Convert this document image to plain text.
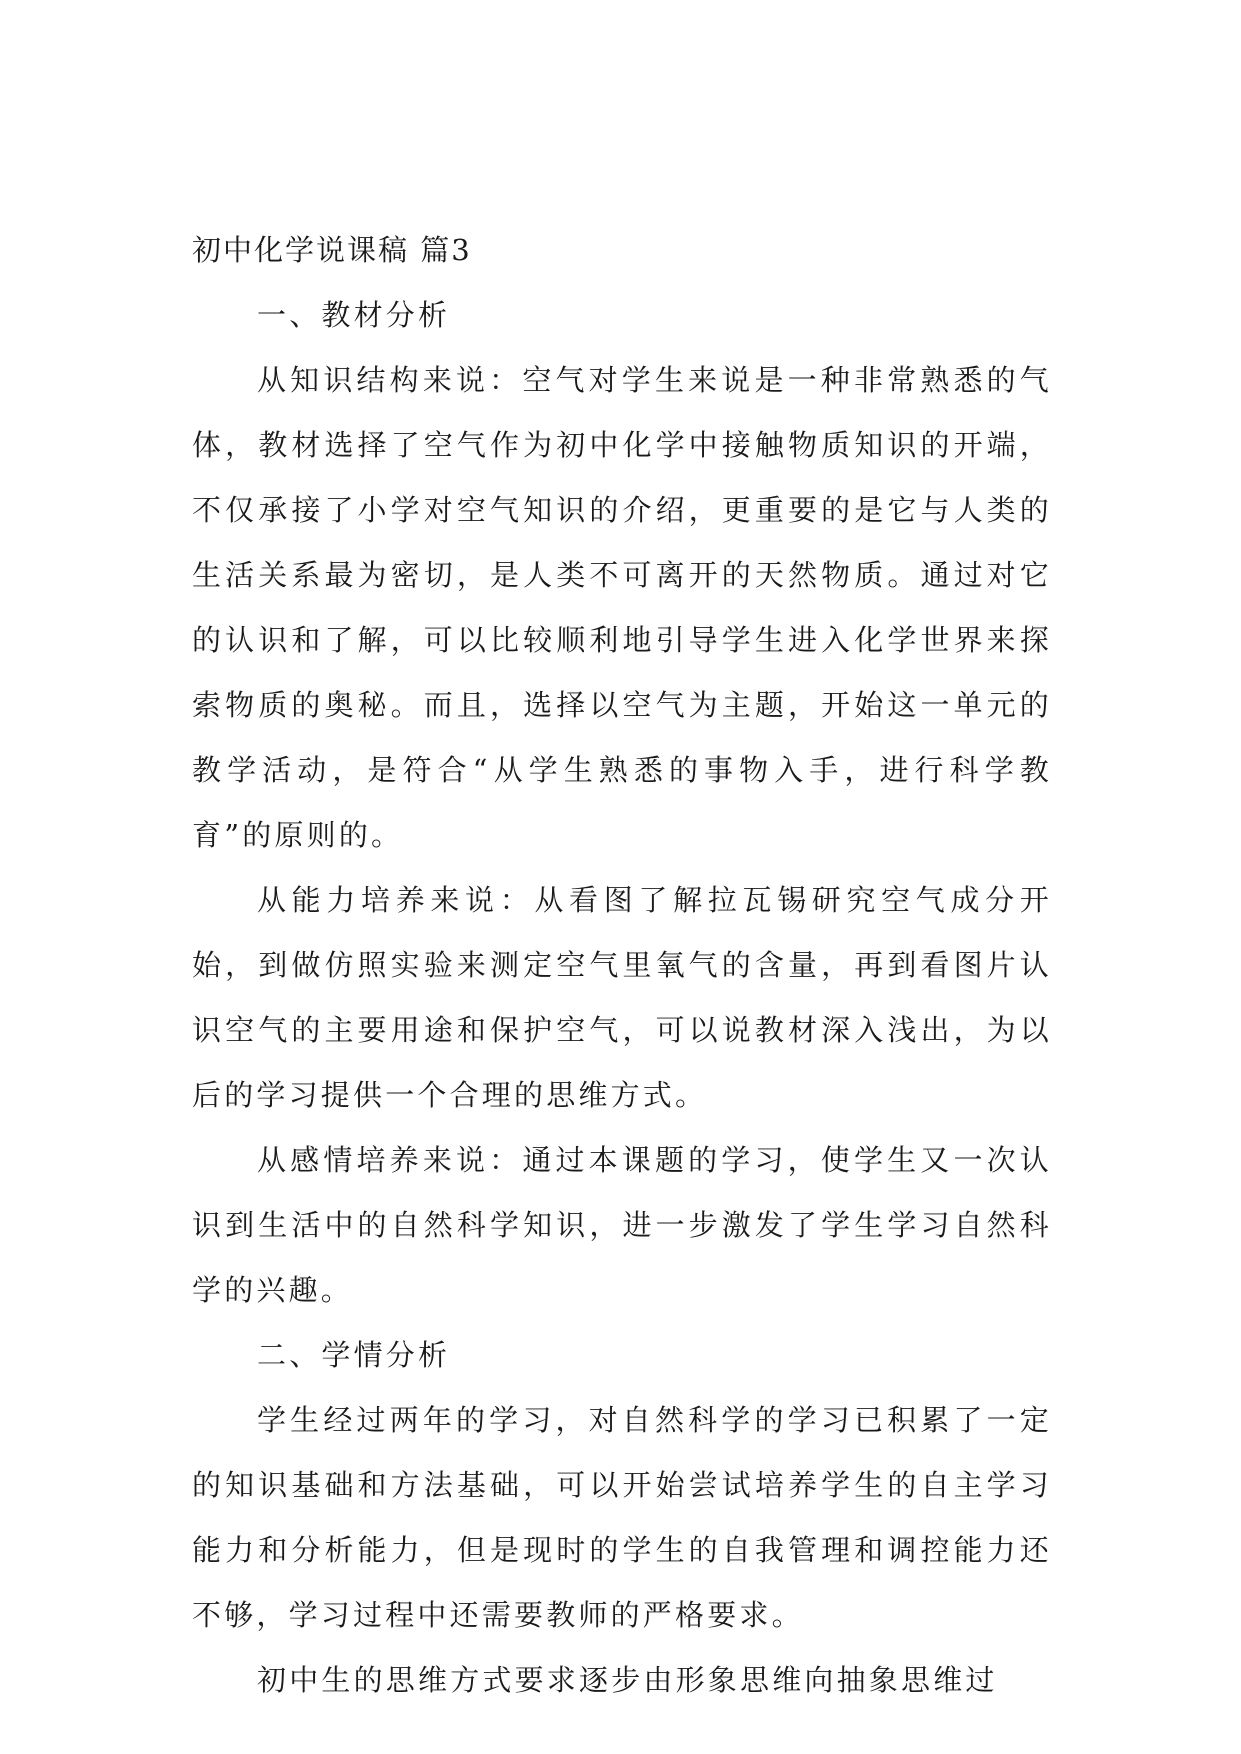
初中化学说课稿 篇3

一、教材分析

从知识结构来说：空气对学生来说是一种非常熟悉的气体，教材选择了空气作为初中化学中接触物质知识的开端，不仅承接了小学对空气知识的介绍，更重要的是它与人类的生活关系最为密切，是人类不可离开的天然物质。通过对它的认识和了解，可以比较顺利地引导学生进入化学世界来探索物质的奥秘。而且，选择以空气为主题，开始这一单元的教学活动，是符合“从学生熟悉的事物入手，进行科学教育”的原则的。

从能力培养来说：从看图了解拉瓦锡研究空气成分开始，到做仿照实验来测定空气里氧气的含量，再到看图片认识空气的主要用途和保护空气，可以说教材深入浅出，为以后的学习提供一个合理的思维方式。

从感情培养来说：通过本课题的学习，使学生又一次认识到生活中的自然科学知识，进一步激发了学生学习自然科学的兴趣。

二、学情分析

学生经过两年的学习，对自然科学的学习已积累了一定的知识基础和方法基础，可以开始尝试培养学生的自主学习能力和分析能力，但是现时的学生的自我管理和调控能力还不够，学习过程中还需要教师的严格要求。

初中生的思维方式要求逐步由形象思维向抽象思维过
